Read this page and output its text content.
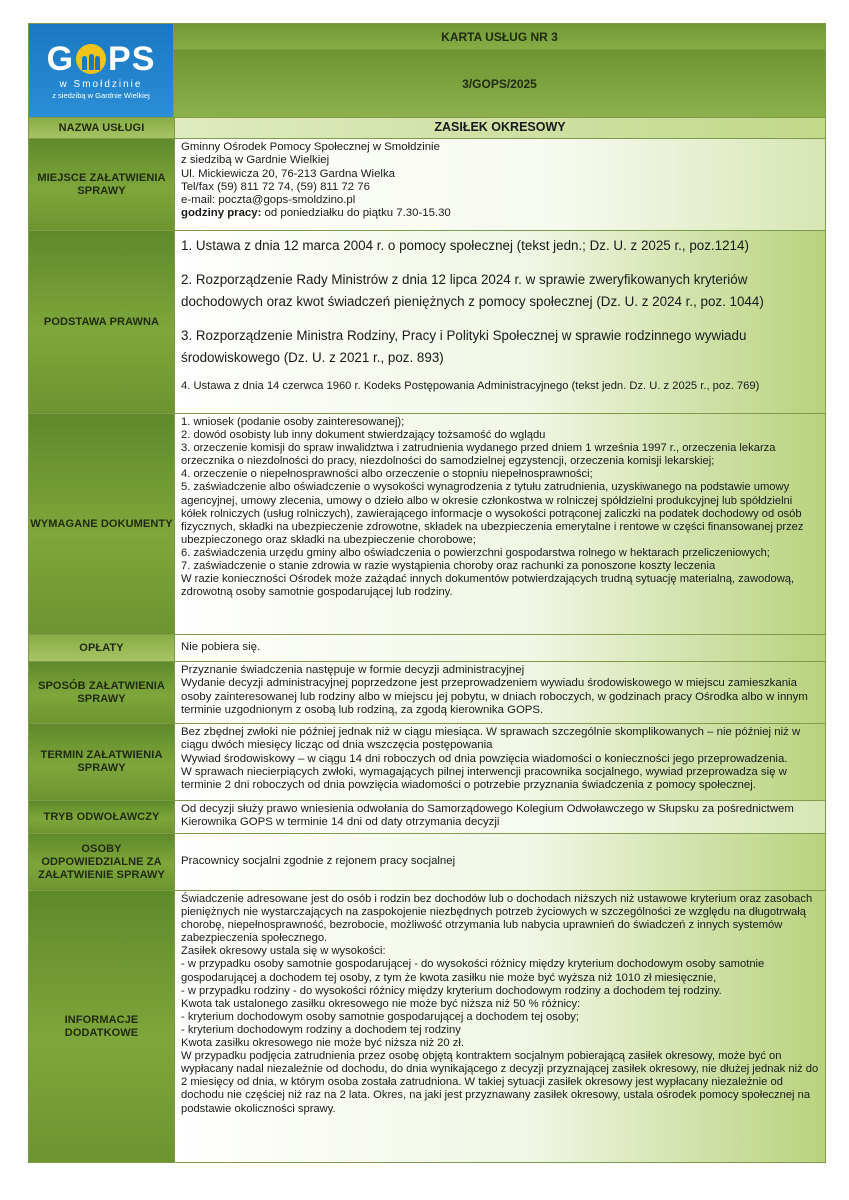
G PS
w Smołdzinie
z siedzibą w Gardnie Wielkiej
KARTA USŁUG NR 3
3/GOPS/2025
NAZWA USŁUGI	ZASIŁEK OKRESOWY
MIEJSCE ZAŁATWIENIA SPRAWY

Gminny Ośrodek Pomocy Społecznej w Smołdzinie

z siedzibą w Gardnie Wielkiej

Ul. Mickiewicza 20, 76-213 Gardna Wielka

Tel/fax (59) 811 72 74, (59) 811 72 76

e-mail: poczta@gops-smoldzino.pl

godziny pracy: od poniedziałku do piątku 7.30-15.30

PODSTAWA PRAWNA

1. Ustawa z dnia 12 marca 2004 r. o pomocy społecznej (tekst jedn.; Dz. U. z 2025 r., poz.1214)

2. Rozporządzenie Rady Ministrów z dnia 12 lipca 2024 r. w sprawie zweryfikowanych kryteriów dochodowych oraz kwot świadczeń pieniężnych z pomocy społecznej (Dz. U. z 2024 r., poz. 1044)

3. Rozporządzenie Ministra Rodziny, Pracy i Polityki Społecznej w sprawie rodzinnego wywiadu środowiskowego (Dz. U. z 2021 r., poz. 893)

4. Ustawa z dnia 14 czerwca 1960 r. Kodeks Postępowania Administracyjnego (tekst jedn. Dz. U. z 2025 r., poz. 769)

WYMAGANE DOKUMENTY

1. wniosek (podanie osoby zainteresowanej);

2. dowód osobisty lub inny dokument stwierdzający tożsamość do wglądu

3. orzeczenie komisji do spraw inwalidztwa i zatrudnienia wydanego przed dniem 1 września 1997 r., orzeczenia lekarza orzecznika o niezdolności do pracy, niezdolności do samodzielnej egzystencji, orzeczenia komisji lekarskiej;

4. orzeczenie o niepełnosprawności albo orzeczenie o stopniu niepełnosprawności;

5. zaświadczenie albo oświadczenie o wysokości wynagrodzenia z tytułu zatrudnienia, uzyskiwanego na podstawie umowy agencyjnej, umowy zlecenia, umowy o dzieło albo w okresie członkostwa w rolniczej spółdzielni produkcyjnej lub spółdzielni kółek rolniczych (usług rolniczych), zawierającego informacje o wysokości potrąconej zaliczki na podatek dochodowy od osób fizycznych, składki na ubezpieczenie zdrowotne, składek na ubezpieczenia emerytalne i rentowe w części finansowanej przez ubezpieczonego oraz składki na ubezpieczenie chorobowe;

6. zaświadczenia urzędu gminy albo oświadczenia o powierzchni gospodarstwa rolnego w hektarach przeliczeniowych;

7. zaświadczenie o stanie zdrowia w razie wystąpienia choroby oraz rachunki za ponoszone koszty leczenia

W razie konieczności Ośrodek może zażądać innych dokumentów potwierdzających trudną sytuację materialną, zawodową, zdrowotną osoby samotnie gospodarującej lub rodziny.

OPŁATY	Nie pobiera się.
SPOSÓB ZAŁATWIENIA SPRAWY

Przyznanie świadczenia następuje w formie decyzji administracyjnej

Wydanie decyzji administracyjnej poprzedzone jest przeprowadzeniem wywiadu środowiskowego w miejscu zamieszkania osoby zainteresowanej lub rodziny albo w miejscu jej pobytu, w dniach roboczych, w godzinach pracy Ośrodka albo w innym terminie uzgodnionym z osobą lub rodziną, za zgodą kierownika GOPS.

TERMIN ZAŁATWIENIA SPRAWY

Bez zbędnej zwłoki nie później jednak niż w ciągu miesiąca. W sprawach szczególnie skomplikowanych – nie później niż w ciągu dwóch miesięcy licząc od dnia wszczęcia postępowania

Wywiad środowiskowy – w ciągu 14 dni roboczych od dnia powzięcia wiadomości o konieczności jego przeprowadzenia.

W sprawach niecierpiących zwłoki, wymagających pilnej interwencji pracownika socjalnego, wywiad przeprowadza się w terminie 2 dni roboczych od dnia powzięcia wiadomości o potrzebie przyznania świadczenia z pomocy społecznej.

TRYB ODWOŁAWCZY
Od decyzji służy prawo wniesienia odwołania do Samorządowego Kolegium Odwoławczego w Słupsku za pośrednictwem Kierownika GOPS w terminie 14 dni od daty otrzymania decyzji
OSOBY ODPOWIEDZIALNE ZA ZAŁATWIENIE SPRAWY
Pracownicy socjalni zgodnie z rejonem pracy socjalnej
INFORMACJE DODATKOWE

Świadczenie adresowane jest do osób i rodzin bez dochodów lub o dochodach niższych niż ustawowe kryterium oraz zasobach pieniężnych nie wystarczających na zaspokojenie niezbędnych potrzeb życiowych w szczególności ze względu na długotrwałą chorobę, niepełnosprawność, bezrobocie, możliwość otrzymania lub nabycia uprawnień do świadczeń z innych systemów zabezpieczenia społecznego.

Zasiłek okresowy ustala się w wysokości:

- w przypadku osoby samotnie gospodarującej - do wysokości różnicy między kryterium dochodowym osoby samotnie gospodarującej a dochodem tej osoby, z tym że kwota zasiłku nie może być wyższa niż 1010 zł miesięcznie,

- w przypadku rodziny - do wysokości różnicy między kryterium dochodowym rodziny a dochodem tej rodziny.

Kwota tak ustalonego zasiłku okresowego nie może być niższa niż 50 % różnicy:

- kryterium dochodowym osoby samotnie gospodarującej a dochodem tej osoby;

- kryterium dochodowym rodziny a dochodem tej rodziny

Kwota zasiłku okresowego nie może być niższa niż 20 zł.

W przypadku podjęcia zatrudnienia przez osobę objętą kontraktem socjalnym pobierającą zasiłek okresowy, może być on wypłacany nadal niezależnie od dochodu, do dnia wynikającego z decyzji przyznającej zasiłek okresowy, nie dłużej jednak niż do 2 miesięcy od dnia, w którym osoba została zatrudniona. W takiej sytuacji zasiłek okresowy jest wypłacany niezależnie od dochodu nie częściej niż raz na 2 lata. Okres, na jaki jest przyznawany zasiłek okresowy, ustala ośrodek pomocy społecznej na podstawie okoliczności sprawy.
